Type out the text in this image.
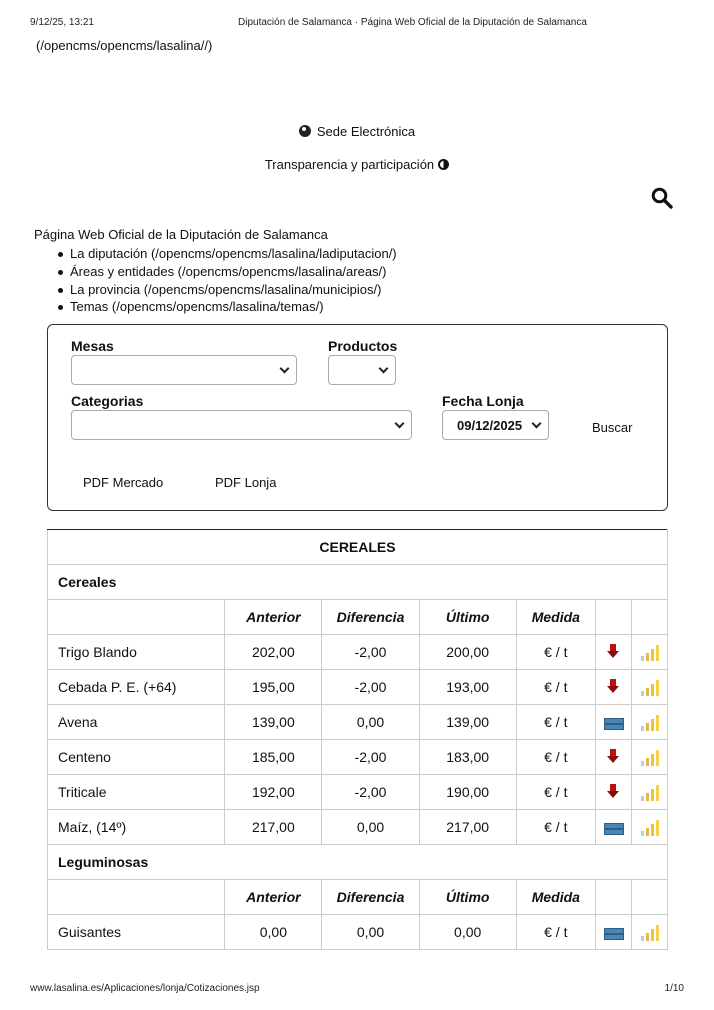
9/12/25, 13:21	Diputación de Salamanca · Página Web Oficial de la Diputación de Salamanca
(/opencms/opencms/lasalina//)
Sede Electrónica
Transparencia y participación
Página Web Oficial de la Diputación de Salamanca
La diputación (/opencms/opencms/lasalina/ladiputacion/)
Áreas y entidades (/opencms/opencms/lasalina/areas/)
La provincia (/opencms/opencms/lasalina/municipios/)
Temas (/opencms/opencms/lasalina/temas/)
Mesas	Productos
Categorias	Fecha Lonja
09/12/2025	Buscar
PDF Mercado	PDF Lonja
CEREALES						
Cereales						
	Anterior	Diferencia	Último	Medida		
Trigo Blando	202,00	-2,00	200,00	€ / t		

Cebada P. E. (+64)	195,00	-2,00	193,00	€ / t		

Avena	139,00	0,00	139,00	€ / t		

Centeno	185,00	-2,00	183,00	€ / t		

Triticale	192,00	-2,00	190,00	€ / t		

Maíz, (14º)	217,00	0,00	217,00	€ / t		

Leguminosas						
	Anterior	Diferencia	Último	Medida		
Guisantes	0,00	0,00	0,00	€ / t		
www.lasalina.es/Aplicaciones/lonja/Cotizaciones.jsp	1/10
